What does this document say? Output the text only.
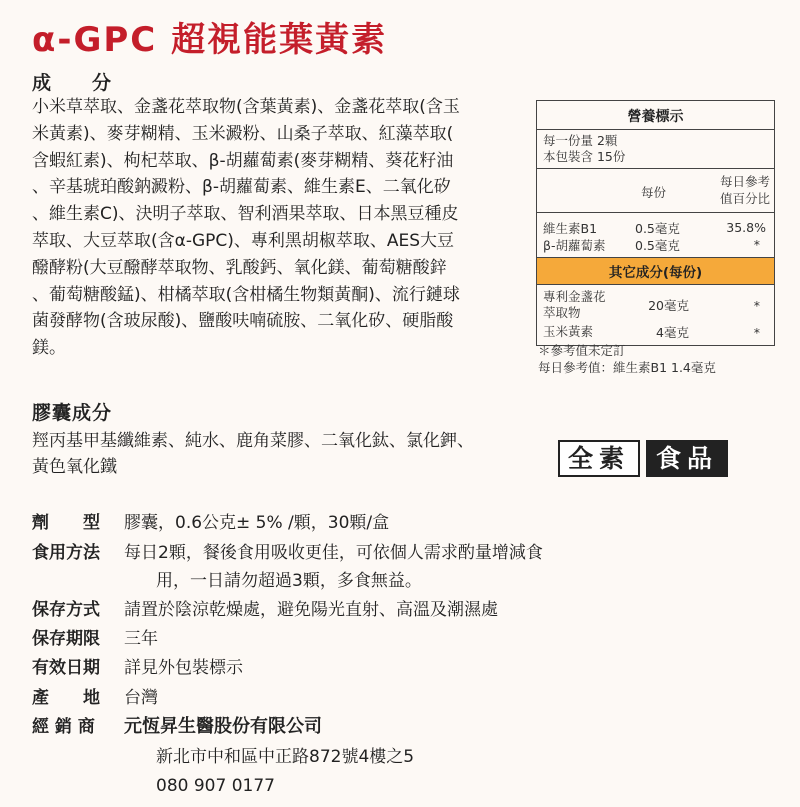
α-GPC 超視能葉黃素
成　　分
小米草萃取、金盞花萃取物(含葉黃素)、金盞花萃取(含玉
米黃素)、麥芽糊精、玉米澱粉、山桑子萃取、紅藻萃取(
含蝦紅素)、枸杞萃取、β-胡蘿蔔素(麥芽糊精、葵花籽油
、辛基琥珀酸鈉澱粉、β-胡蘿蔔素、維生素E、二氧化矽
、維生素C)、決明子萃取、智利酒果萃取、日本黑豆種皮
萃取、大豆萃取(含α-GPC)、專利黑胡椒萃取、AES大豆
醱酵粉(大豆醱酵萃取物、乳酸鈣、氧化鎂、葡萄糖酸鋅
、葡萄糖酸錳)、柑橘萃取(含柑橘生物類黃酮)、流行鏈球
菌發酵物(含玻尿酸)、鹽酸呋喃硫胺、二氧化矽、硬脂酸
鎂。
營養標示
每一份量 2顆
本包裝含 15份
每份
每日參考
值百分比
維生素B1	0.5毫克	35.8%
β-胡蘿蔔素	0.5毫克	*
其它成分(每份)
專利金盞花
萃取物	20毫克	*
玉米黃素	4毫克	*
＊參考值未定訂
每日參考值：維生素B1 1.4毫克
膠囊成分
羥丙基甲基纖維素、純水、鹿角菜膠、二氧化鈦、氯化鉀、
黃色氧化鐵	全素	食品
劑　　型 膠囊，0.6公克± 5% /顆，30顆/盒
食用方法 每日2顆，餐後食用吸收更佳，可依個人需求酌量增減食
用，一日請勿超過3顆，多食無益。
保存方式 請置於陰涼乾燥處，避免陽光直射、高溫及潮濕處
保存期限 三年
有效日期 詳見外包裝標示
產　　地 台灣
經 銷 商 元恆昇生醫股份有限公司
新北市中和區中正路872號4樓之5
080 907 0177
